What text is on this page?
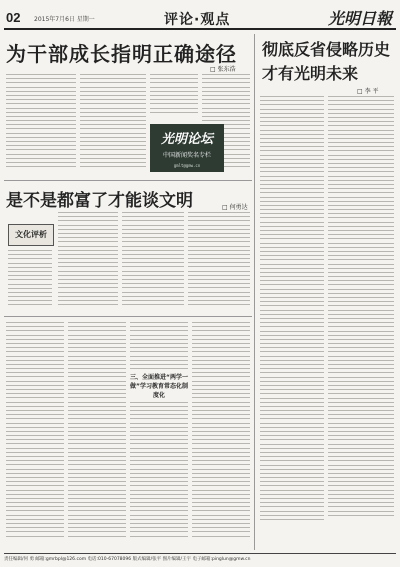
02 2015年7月6日 星期一	评论·观点	光明日報
为干部成长指明正确途径
□ 张东浩
光明论坛
中国新闻奖名专栏
gmlt@gmw.cn
是不是都富了才能谈文明	□ 何勇达
文化评析
三、全面推进“两学一做”学习教育常态化制度化
彻底反省侵略历史才有光明未来
□ 李 平
责任编辑/何 勇 邮箱:gmrbpl@126.com 电话:010-67078096 版式编辑/张平 图片编辑/王宇 电子邮箱:pinglun@gmw.cn
